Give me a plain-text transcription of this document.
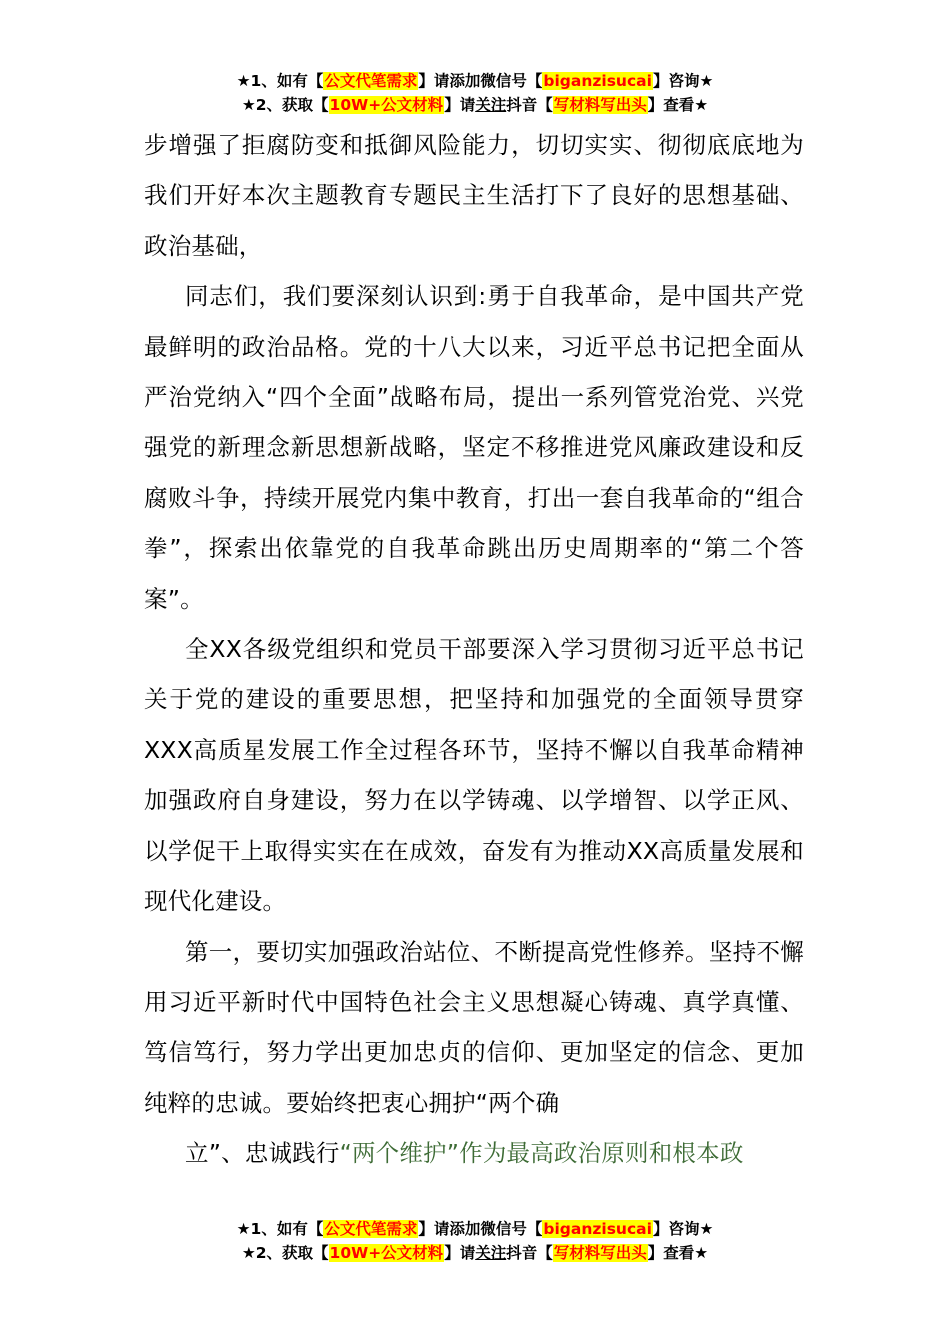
★1、如有【公文代笔需求】请添加微信号【biganzisucai】咨询★
★2、获取【10W+公文材料】请关注抖音【写材料写出头】查看★

步增强了拒腐防变和抵御风险能力，切切实实、彻彻底底地为我们开好本次主题教育专题民主生活打下了良好的思想基础、政治基础，

同志们，我们要深刻认识到:勇于自我革命，是中国共产党最鲜明的政治品格。党的十八大以来，习近平总书记把全面从严治党纳入“四个全面”战略布局，提出一系列管党治党、兴党强党的新理念新思想新战略，坚定不移推进党风廉政建设和反腐败斗争，持续开展党内集中教育，打出一套自我革命的“组合拳”，探索出依靠党的自我革命跳出历史周期率的“第二个答案”。

全XX各级党组织和党员干部要深入学习贯彻习近平总书记关于党的建设的重要思想，把坚持和加强党的全面领导贯穿XXX高质星发展工作全过程各环节，坚持不懈以自我革命精神加强政府自身建设，努力在以学铸魂、以学增智、以学正风、以学促干上取得实实在在成效，奋发有为推动XX高质量发展和现代化建设。

第一，要切实加强政治站位、不断提高党性修养。坚持不懈用习近平新时代中国特色社会主义思想凝心铸魂、真学真懂、笃信笃行，努力学出更加忠贞的信仰、更加坚定的信念、更加纯粹的忠诚。要始终把衷心拥护“两个确
立”、忠诚践行“两个维护”作为最高政治原则和根本政

★1、如有【公文代笔需求】请添加微信号【biganzisucai】咨询★
★2、获取【10W+公文材料】请关注抖音【写材料写出头】查看★
